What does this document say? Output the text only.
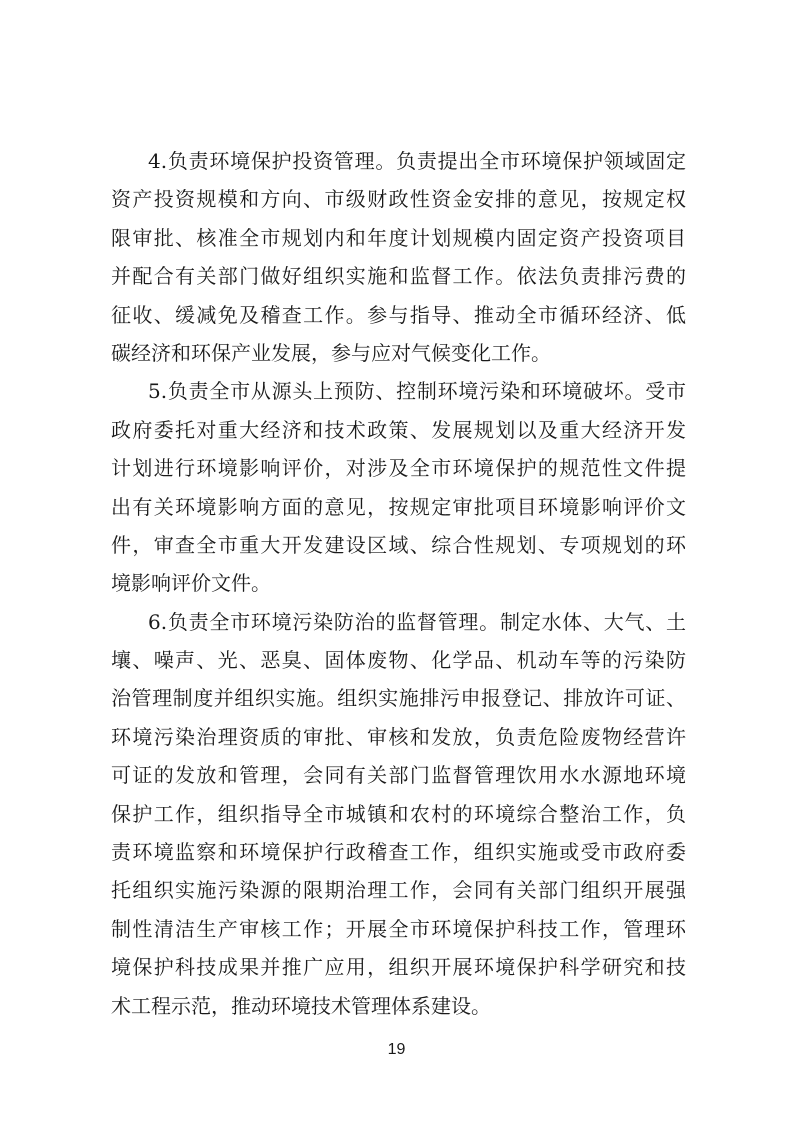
4.负责环境保护投资管理。负责提出全市环境保护领域固定
资产投资规模和方向、市级财政性资金安排的意见，按规定权
限审批、核准全市规划内和年度计划规模内固定资产投资项目
并配合有关部门做好组织实施和监督工作。依法负责排污费的
征收、缓减免及稽查工作。参与指导、推动全市循环经济、低
碳经济和环保产业发展，参与应对气候变化工作。
5.负责全市从源头上预防、控制环境污染和环境破坏。受市
政府委托对重大经济和技术政策、发展规划以及重大经济开发
计划进行环境影响评价，对涉及全市环境保护的规范性文件提
出有关环境影响方面的意见，按规定审批项目环境影响评价文
件，审查全市重大开发建设区域、综合性规划、专项规划的环
境影响评价文件。
6.负责全市环境污染防治的监督管理。制定水体、大气、土
壤、噪声、光、恶臭、固体废物、化学品、机动车等的污染防
治管理制度并组织实施。组织实施排污申报登记、排放许可证、
环境污染治理资质的审批、审核和发放，负责危险废物经营许
可证的发放和管理，会同有关部门监督管理饮用水水源地环境
保护工作，组织指导全市城镇和农村的环境综合整治工作，负
责环境监察和环境保护行政稽查工作，组织实施或受市政府委
托组织实施污染源的限期治理工作，会同有关部门组织开展强
制性清洁生产审核工作；开展全市环境保护科技工作，管理环
境保护科技成果并推广应用，组织开展环境保护科学研究和技
术工程示范，推动环境技术管理体系建设。
19
